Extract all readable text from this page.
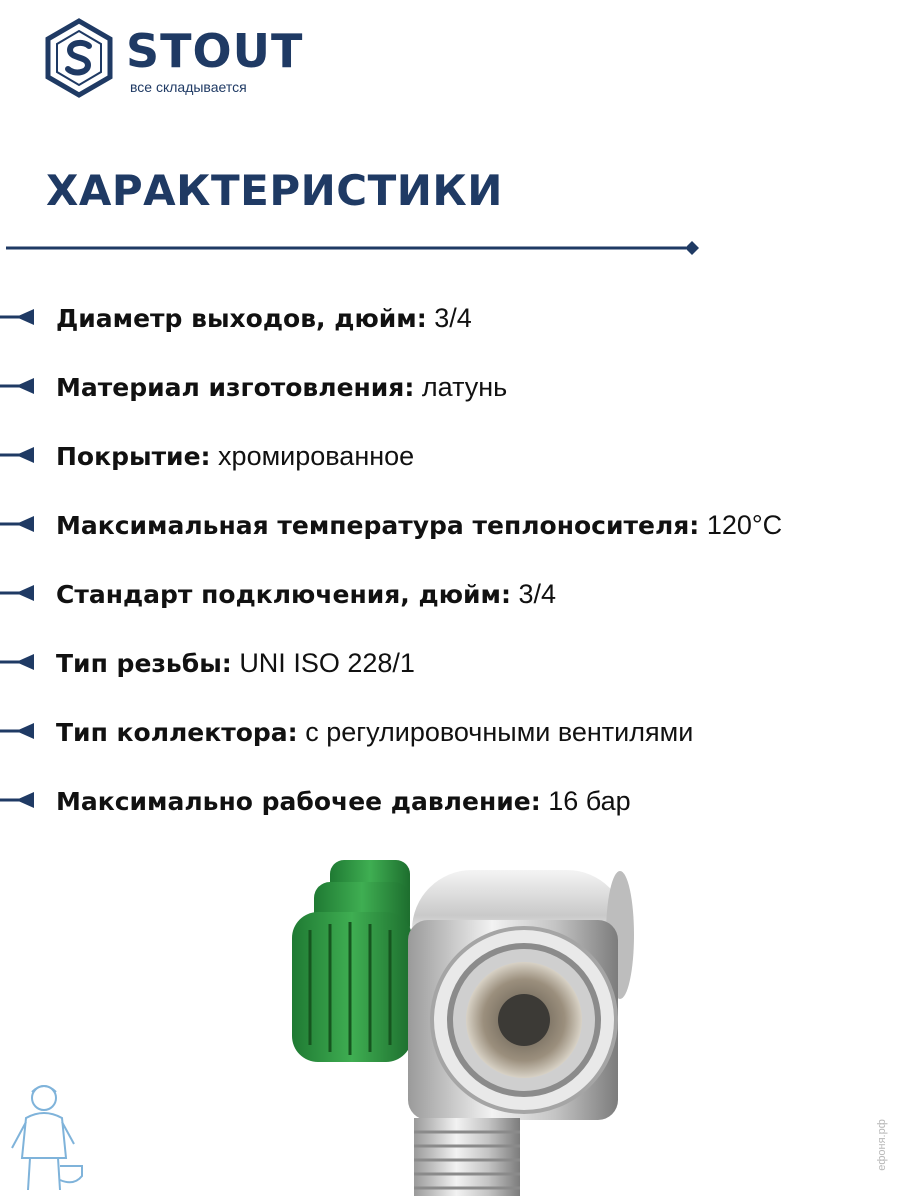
STOUT
все складывается
ХАРАКТЕРИСТИКИ
Диаметр выходов, дюйм: 3/4
Материал изготовления: латунь
Покрытие: хромированное
Максимальная температура теплоносителя: 120°C
Стандарт подключения, дюйм: 3/4
Тип резьбы: UNI ISO 228/1
Тип коллектора: с регулировочными вентилями
Максимально рабочее давление: 16 бар
ефоня.рф
